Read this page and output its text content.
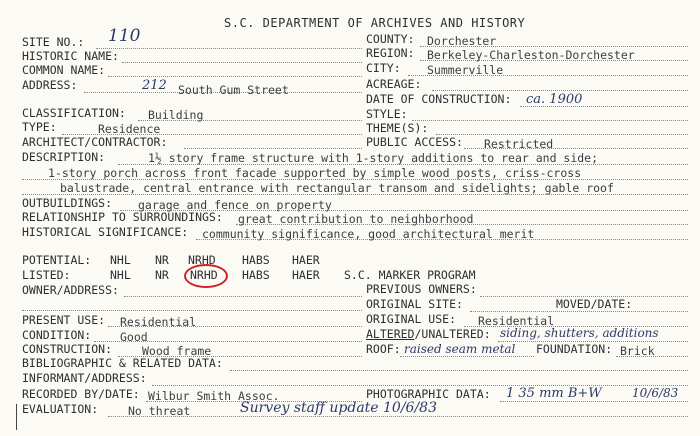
S.C. DEPARTMENT OF ARCHIVES AND HISTORY
SITE NO.: 110
HISTORIC NAME:
COMMON NAME:
ADDRESS:	212 South Gum Street
COUNTY: Dorchester
REGION: Berkeley-Charleston-Dorchester
CITY: Summerville
ACREAGE:
DATE OF CONSTRUCTION: ca. 1900
CLASSIFICATION: Building	STYLE:
TYPE:	Residence	THEME(S):
ARCHITECT/CONTRACTOR:	PUBLIC ACCESS: Restricted
DESCRIPTION:	1½ story frame structure with 1-story additions to rear and side;
1-story porch across front facade supported by simple wood posts, criss-cross
balustrade, central entrance with rectangular transom and sidelights; gable roof
OUTBUILDINGS: garage and fence on property
RELATIONSHIP TO SURROUNDINGS: great contribution to neighborhood
HISTORICAL SIGNIFICANCE: community significance, good architectural merit
POTENTIAL: NHL NR NRHD HABS HAER
LISTED:	NHL NR NRHD HABS HAER S.C. MARKER PROGRAM
OWNER/ADDRESS:	PREVIOUS OWNERS:
ORIGINAL SITE:	MOVED/DATE:
PRESENT USE: Residential	ORIGINAL USE: Residential
CONDITION:	Good	ALTERED/UNALTERED: siding, shutters, additions
CONSTRUCTION:	Wood frame	ROOF: raised seam metal FOUNDATION: Brick
BIBLIOGRAPHIC & RELATED DATA:
INFORMANT/ADDRESS:
RECORDED BY/DATE: Wilbur Smith Assoc.	PHOTOGRAPHIC DATA: 1 35 mm B+W	10/6/83
EVALUATION:	No threat	Survey staff update 10/6/83
